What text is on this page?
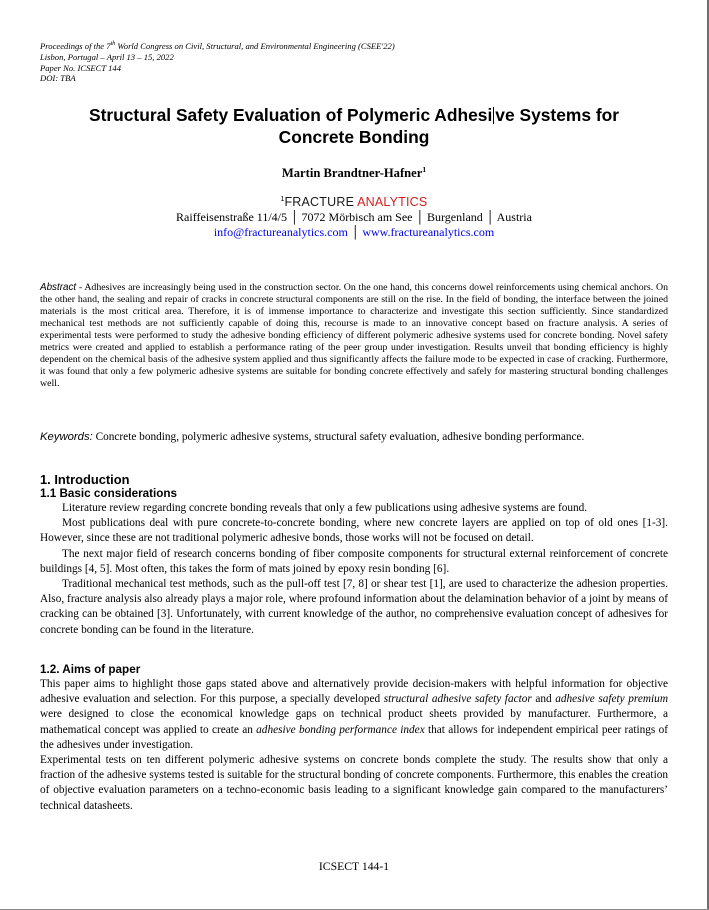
Proceedings of the 7th World Congress on Civil, Structural, and Environmental Engineering (CSEE'22)
Lisbon, Portugal – April 13 – 15, 2022
Paper No. ICSECT 144
DOI: TBA
Structural Safety Evaluation of Polymeric Adhesi ve Systems for
Concrete Bonding
Martin Brandtner-Hafner$^1$
$^1$FRACTURE ANALYTICS
Raiffeisenstraße 11/4/5 │ 7072 Mörbisch am See │ Burgenland │ Austria
info@fractureanalytics.com │ www.fractureanalytics.com

Abstract - Adhesives are increasingly being used in the construction sector. On the one hand, this concerns dowel reinforcements using chemical anchors. On the other hand, the sealing and repair of cracks in concrete structural components are still on the rise. In the field of bonding, the interface between the joined materials is the most critical area. Therefore, it is of immense importance to characterize and investigate this section sufficiently. Since standardized mechanical test methods are not sufficiently capable of doing this, recourse is made to an innovative concept based on fracture analysis. A series of experimental tests were performed to study the adhesive bonding efficiency of different polymeric adhesive systems used for concrete bonding. Novel safety metrics were created and applied to establish a performance rating of the peer group under investigation. Results unveil that bonding efficiency is highly dependent on the chemical basis of the adhesive system applied and thus significantly affects the failure mode to be expected in case of cracking. Furthermore, it was found that only a few polymeric adhesive systems are suitable for bonding concrete effectively and safely for mastering structural bonding challenges well.

Keywords: Concrete bonding, polymeric adhesive systems, structural safety evaluation, adhesive bonding performance.

1. Introduction
1.1 Basic considerations

Literature review regarding concrete bonding reveals that only a few publications using adhesive systems are found.

Most publications deal with pure concrete-to-concrete bonding, where new concrete layers are applied on top of old ones [1-3]. However, since these are not traditional polymeric adhesive bonds, those works will not be focused on detail.

The next major field of research concerns bonding of fiber composite components for structural external reinforcement of concrete buildings [4, 5]. Most often, this takes the form of mats joined by epoxy resin bonding [6].

Traditional mechanical test methods, such as the pull-off test [7, 8] or shear test [1], are used to characterize the adhesion properties. Also, fracture analysis also already plays a major role, where profound information about the delamination behavior of a joint by means of cracking can be obtained [3]. Unfortunately, with current knowledge of the author, no comprehensive evaluation concept of adhesives for concrete bonding can be found in the literature.

1.2. Aims of paper

This paper aims to highlight those gaps stated above and alternatively provide decision-makers with helpful information for objective adhesive evaluation and selection. For this purpose, a specially developed structural adhesive safety factor and adhesive safety premium were designed to close the economical knowledge gaps on technical product sheets provided by manufacturer. Furthermore, a mathematical concept was applied to create an adhesive bonding performance index that allows for independent empirical peer ratings of the adhesives under investigation.

Experimental tests on ten different polymeric adhesive systems on concrete bonds complete the study. The results show that only a fraction of the adhesive systems tested is suitable for the structural bonding of concrete components. Furthermore, this enables the creation of objective evaluation parameters on a techno-economic basis leading to a significant knowledge gain compared to the manufacturers’ technical datasheets.

ICSECT 144-1
